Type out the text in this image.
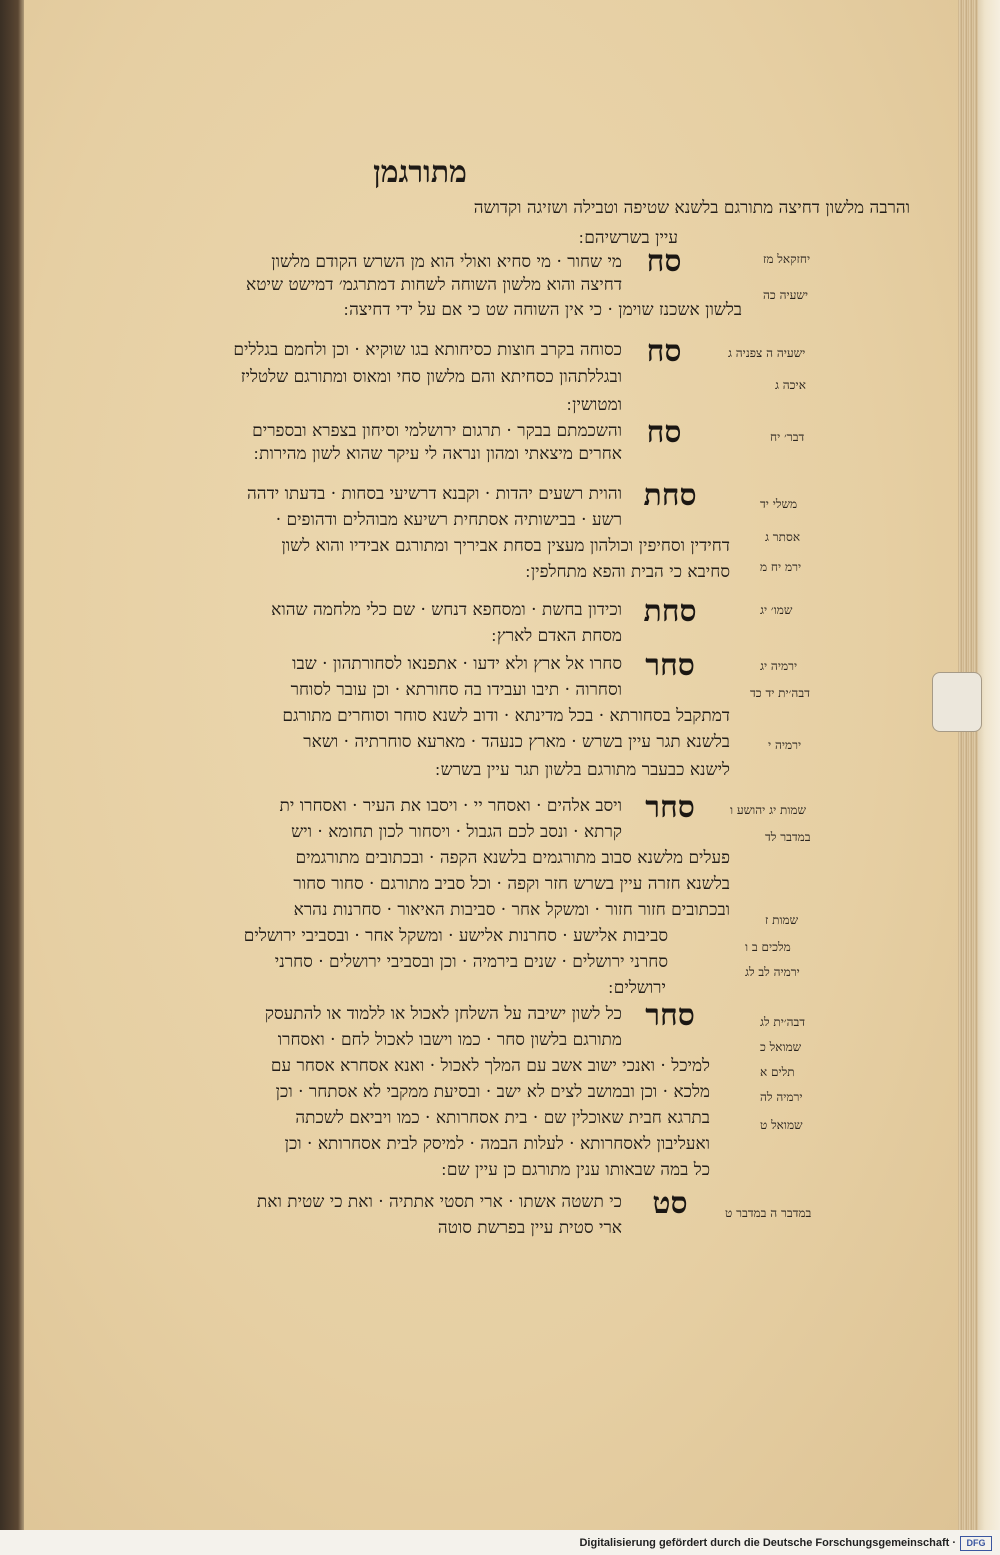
מתורגמן
והרבה מלשון דחיצה מתורגם בלשנא שטיפה וטבילה ושזיגה וקדושה
עיין בשרשיהם ׃
מי שחור · מי סחיא ואולי הוא מן השרש הקודם מלשון
דחיצה והוא מלשון השוחה לשחות דמתרגמ׳ דמישט שיטא
בלשון אשכנז שוימן · כי אין השוחה שט כי אם על ידי דחיצה ׃
כסוחה בקרב חוצות כסיחותא בגו שוקיא · וכן ולחמם בגללים
ובגללתהון כסחיתא והם מלשון סחי ומאוס ומתורגם שלטליז
ומטושין ׃
והשכמתם בבקר · תרגום ירושלמי וסיחון בצפרא ובספרים
אחרים מיצאתי ומהון ונראה לי עיקר שהוא לשון מהירות ׃
והוית רשעים יהדות · וקבנא דרשיעי בסחות · בדעתו ידהה
רשע · בבישותיה אסתחית רשיעא מבוהלים ודהופים ·
דחידין וסחיפין וכולהון מעצין בסחת אביריך ומתורגם אבידיו והוא לשון
סחיבא כי הבית והפא מתחלפין ׃
וכידון בחשת · ומסחפא דנחש · שם כלי מלחמה שהוא
מסחת האדם לארץ ׃
סחרו אל ארץ ולא ידעו · אתפנאו לסחורתהון · שבו
וסחרוה · תיבו ועבידו בה סחורתא · וכן עובר לסוחר
דמתקבל בסחורתא · בכל מדינתא · ודוב לשנא סוחר וסוחרים מתורגם
בלשנא תגר עיין בשרש · מארץ כנעהד · מארעא סוחרתיה · ושאר
לישנא כבעבר מתורגם בלשון תגר עיין בשרש ׃
ויסב אלהים · ואסחר יי · ויסבו את העיר · ואסחרו ית
קרתא · ונסב לכם הגבול · ויסחור לכון תחומא · ויש
פעלים מלשנא סבוב מתורגמים בלשנא הקפה · ובכתובים מתורגמים
בלשנא חזרה עיין בשרש חזר וקפה · וכל סביב מתורגם · סחור סחור
ובכתובים חזור חזור · ומשקל אחר · סביבות האיאור · סחרנות נהרא
סביבות אלישע · סחרנות אלישע · ומשקל אחר · ובסביבי ירושלים
סחרני ירושלים · שנים בירמיה · וכן ובסביבי ירושלים · סחרני
ירושלים ׃
כל לשון ישיבה על השלחן לאכול או ללמוד או להתעסק
מתורגם בלשון סחר · כמו וישבו לאכול לחם · ואסחרו
למיכל · ואנכי ישוב אשב עם המלך לאכול · ואנא אסחרא אסחר עם
מלכא · וכן ובמושב לצים לא ישב · ובסיעת ממקבי לא אסתחר · וכן
בתרגא חבית שאוכלין שם · בית אסחרותא · כמו ויביאם לשכתה
ואעליבון לאסחרותא · לעלות הבמה · למיסק לבית אסחרותא · וכן
כל במה שבאותו ענין מתורגם כן עיין שם ׃
כי תשטה אשתו · ארי תסטי אתתיה · ואת כי שטית ואת
ארי סטית עיין בפרשת סוטה
סח
סח
סח
סחת
סחת
סחר
סחר
סחר
סט
יחזקאל מז
ישעיה כה
ישעיה ה צפניה ג
איכה ג
דבר׳ יח
משלי יד
אסתר ג
ירמ יח מ
שמו׳ יג
ירמיה יג
דבה׳ית יד כד
ירמיה י
שמות יג יהושע ו
במדבר לד
שמות ז
מלכים ב ו
ירמיה לב לג
דבה׳ית לג
שמואל כ
תלים א
ירמיה לה
שמואל ט
במדבר ה במדבר ט
Digitalisierung gefördert durch die Deutsche Forschungsgemeinschaft ·	DFG
